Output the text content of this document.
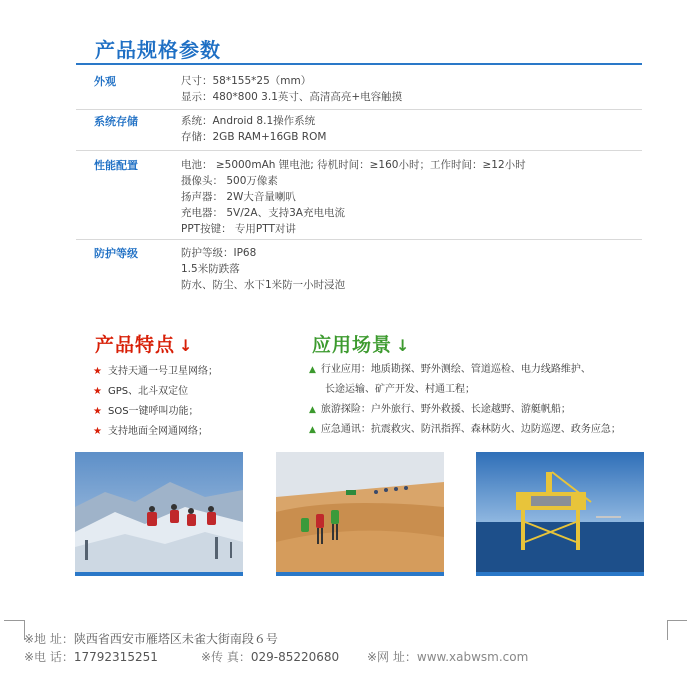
产品规格参数
外观	尺寸：58*155*25（mm）
显示：480*800 3.1英寸、高清高亮+电容触摸
系统存储	系统：Android 8.1操作系统
存储：2GB RAM+16GB ROM
性能配置	电池： ≥5000mAh 锂电池; 待机时间：≥160小时；工作时间：≥12小时
摄像头： 500万像素
扬声器： 2W大音量喇叭
充电器： 5V/2A、支持3A充电电流
PPT按键： 专用PTT对讲
防护等级	防护等级：IP68
1.5米防跌落
防水、防尘、水下1米防一小时浸泡
产品特点 ↓	应用场景 ↓
★ 支持天通一号卫星网络；
★ GPS、北斗双定位
★ SOS一键呼叫功能；
★ 支持地面全网通网络；
▲ 行业应用：地质勘探、野外测绘、管道巡检、电力线路维护、
长途运输、矿产开发、村通工程；
▲ 旅游探险：户外旅行、野外救援、长途越野、游艇帆船；
▲ 应急通讯：抗震救灾、防汛指挥、森林防火、边防巡逻、政务应急；
※地 址：陕西省西安市雁塔区未雀大街南段６号
※电 话：17792315251	※传 真：029-85220680 ※网 址：www.xabwsm.com
